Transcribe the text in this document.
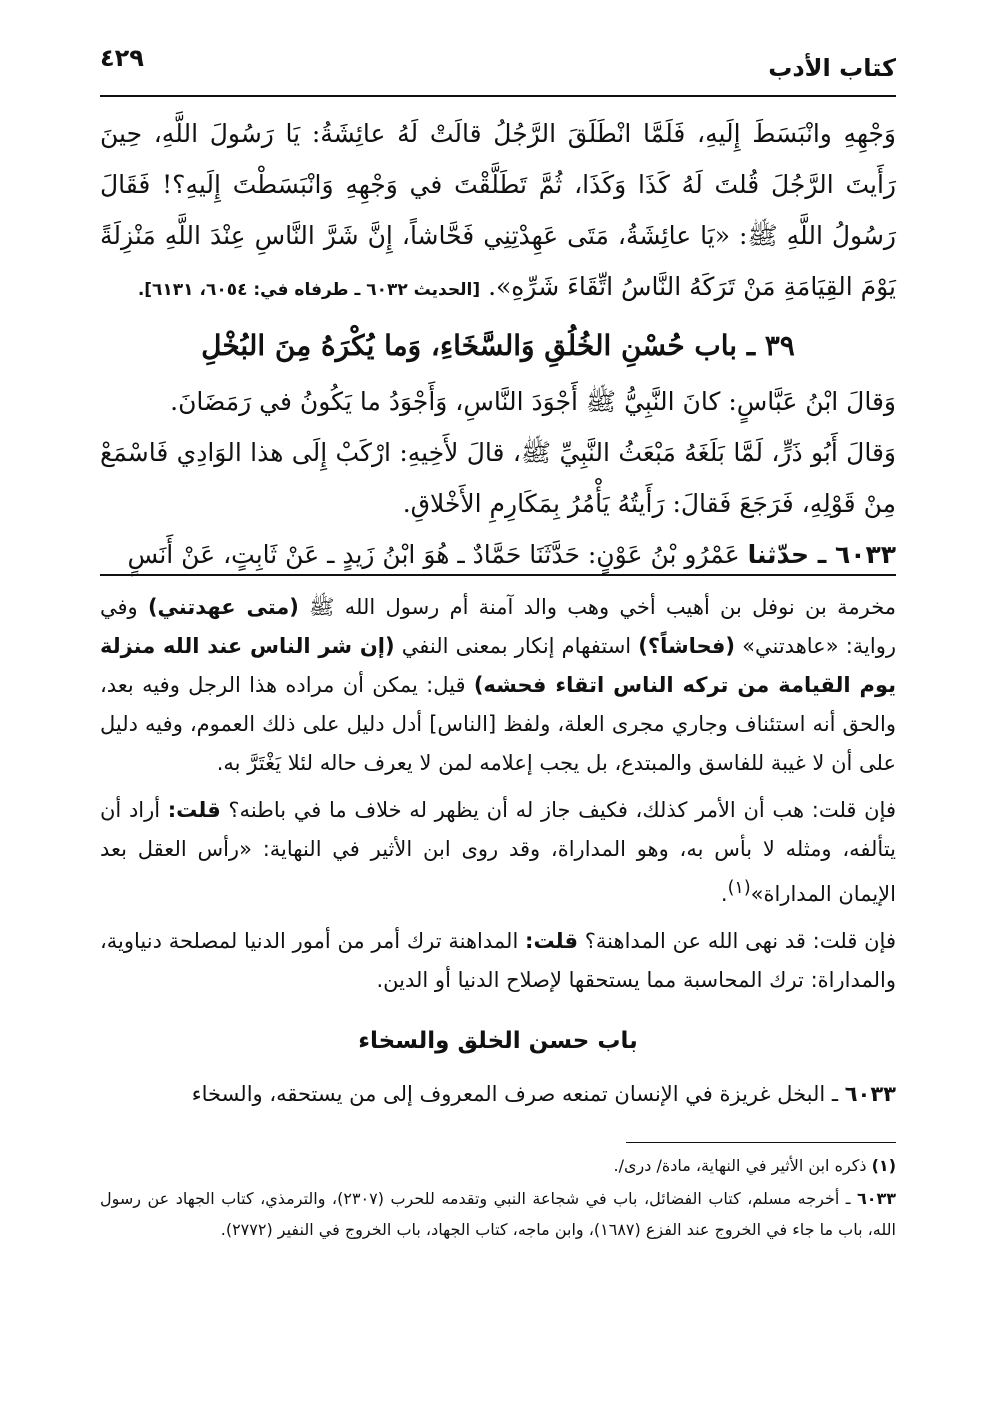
كتاب الأدب
٤٢٩

وَجْهِهِ وانْبَسَطَ إِلَيهِ، فَلَمَّا انْطَلَقَ الرَّجُلُ قالَتْ لَهُ عائِشَةُ: يَا رَسُولَ اللَّهِ، حِينَ رَأَيتَ الرَّجُلَ قُلتَ لَهُ كَذَا وَكَذَا، ثُمَّ تَطَلَّقْتَ في وَجْهِهِ وَانْبَسَطْتَ إِلَيهِ؟! فَقَالَ رَسُولُ اللَّهِ ﷺ: «يَا عائِشَةُ، مَتَى عَهِدْتِنِي فَحَّاشاً، إِنَّ شَرَّ النَّاسِ عِنْدَ اللَّهِ مَنْزِلَةً يَوْمَ القِيَامَةِ مَنْ تَرَكَهُ النَّاسُ اتِّقَاءَ شَرِّهِ». [الحديث ٦٠٣٢ ـ طرفاه في: ٦٠٥٤، ٦١٣١].

٣٩ ـ باب حُسْنِ الخُلُقِ وَالسَّخَاءِ، وَما يُكْرَهُ مِنَ البُخْلِ

وَقالَ ابْنُ عَبَّاسٍ: كانَ النَّبِيُّ ﷺ أَجْوَدَ النَّاسِ، وَأَجْوَدُ ما يَكُونُ في رَمَضَانَ.

وَقالَ أَبُو ذَرٍّ، لَمَّا بَلَغَهُ مَبْعَثُ النَّبِيِّ ﷺ، قالَ لأَخِيهِ: ارْكَبْ إِلَى هذا الوَادِي فَاسْمَعْ مِنْ قَوْلِهِ، فَرَجَعَ فَقالَ: رَأَيتُهُ يَأْمُرُ بِمَكَارِمِ الأَخْلاقِ.

٦٠٣٣ ـ حدّثنا عَمْرُو بْنُ عَوْنٍ: حَدَّثَنَا حَمَّادٌ ـ هُوَ ابْنُ زَيدٍ ـ عَنْ ثَابِتٍ، عَنْ أَنَسٍ

مخرمة بن نوفل بن أهيب أخي وهب والد آمنة أم رسول الله ﷺ (متى عهدتني) وفي رواية: «عاهدتني» (فحاشاً؟) استفهام إنكار بمعنى النفي (إن شر الناس عند الله منزلة يوم القيامة من تركه الناس اتقاء فحشه) قيل: يمكن أن مراده هذا الرجل وفيه بعد، والحق أنه استئناف وجاري مجرى العلة، ولفظ [الناس] أدل دليل على ذلك العموم، وفيه دليل على أن لا غيبة للفاسق والمبتدع، بل يجب إعلامه لمن لا يعرف حاله لئلا يَغْتَرَّ به.

فإن قلت: هب أن الأمر كذلك، فكيف جاز له أن يظهر له خلاف ما في باطنه؟ قلت: أراد أن يتألفه، ومثله لا بأس به، وهو المداراة، وقد روى ابن الأثير في النهاية: «رأس العقل بعد الإيمان المداراة»$^{(١)}$.

فإن قلت: قد نهى الله عن المداهنة؟ قلت: المداهنة ترك أمر من أمور الدنيا لمصلحة دنياوية، والمداراة: ترك المحاسبة مما يستحقها لإصلاح الدنيا أو الدين.

باب حسن الخلق والسخاء

٦٠٣٣ ـ البخل غريزة في الإنسان تمنعه صرف المعروف إلى من يستحقه، والسخاء

(١) ذكره ابن الأثير في النهاية، مادة/ درى/.

٦٠٣٣ ـ أخرجه مسلم، كتاب الفضائل، باب في شجاعة النبي وتقدمه للحرب (٢٣٠٧)، والترمذي، كتاب الجهاد عن رسول الله، باب ما جاء في الخروج عند الفزع (١٦٨٧)، وابن ماجه، كتاب الجهاد، باب الخروج في النفير (٢٧٧٢).
